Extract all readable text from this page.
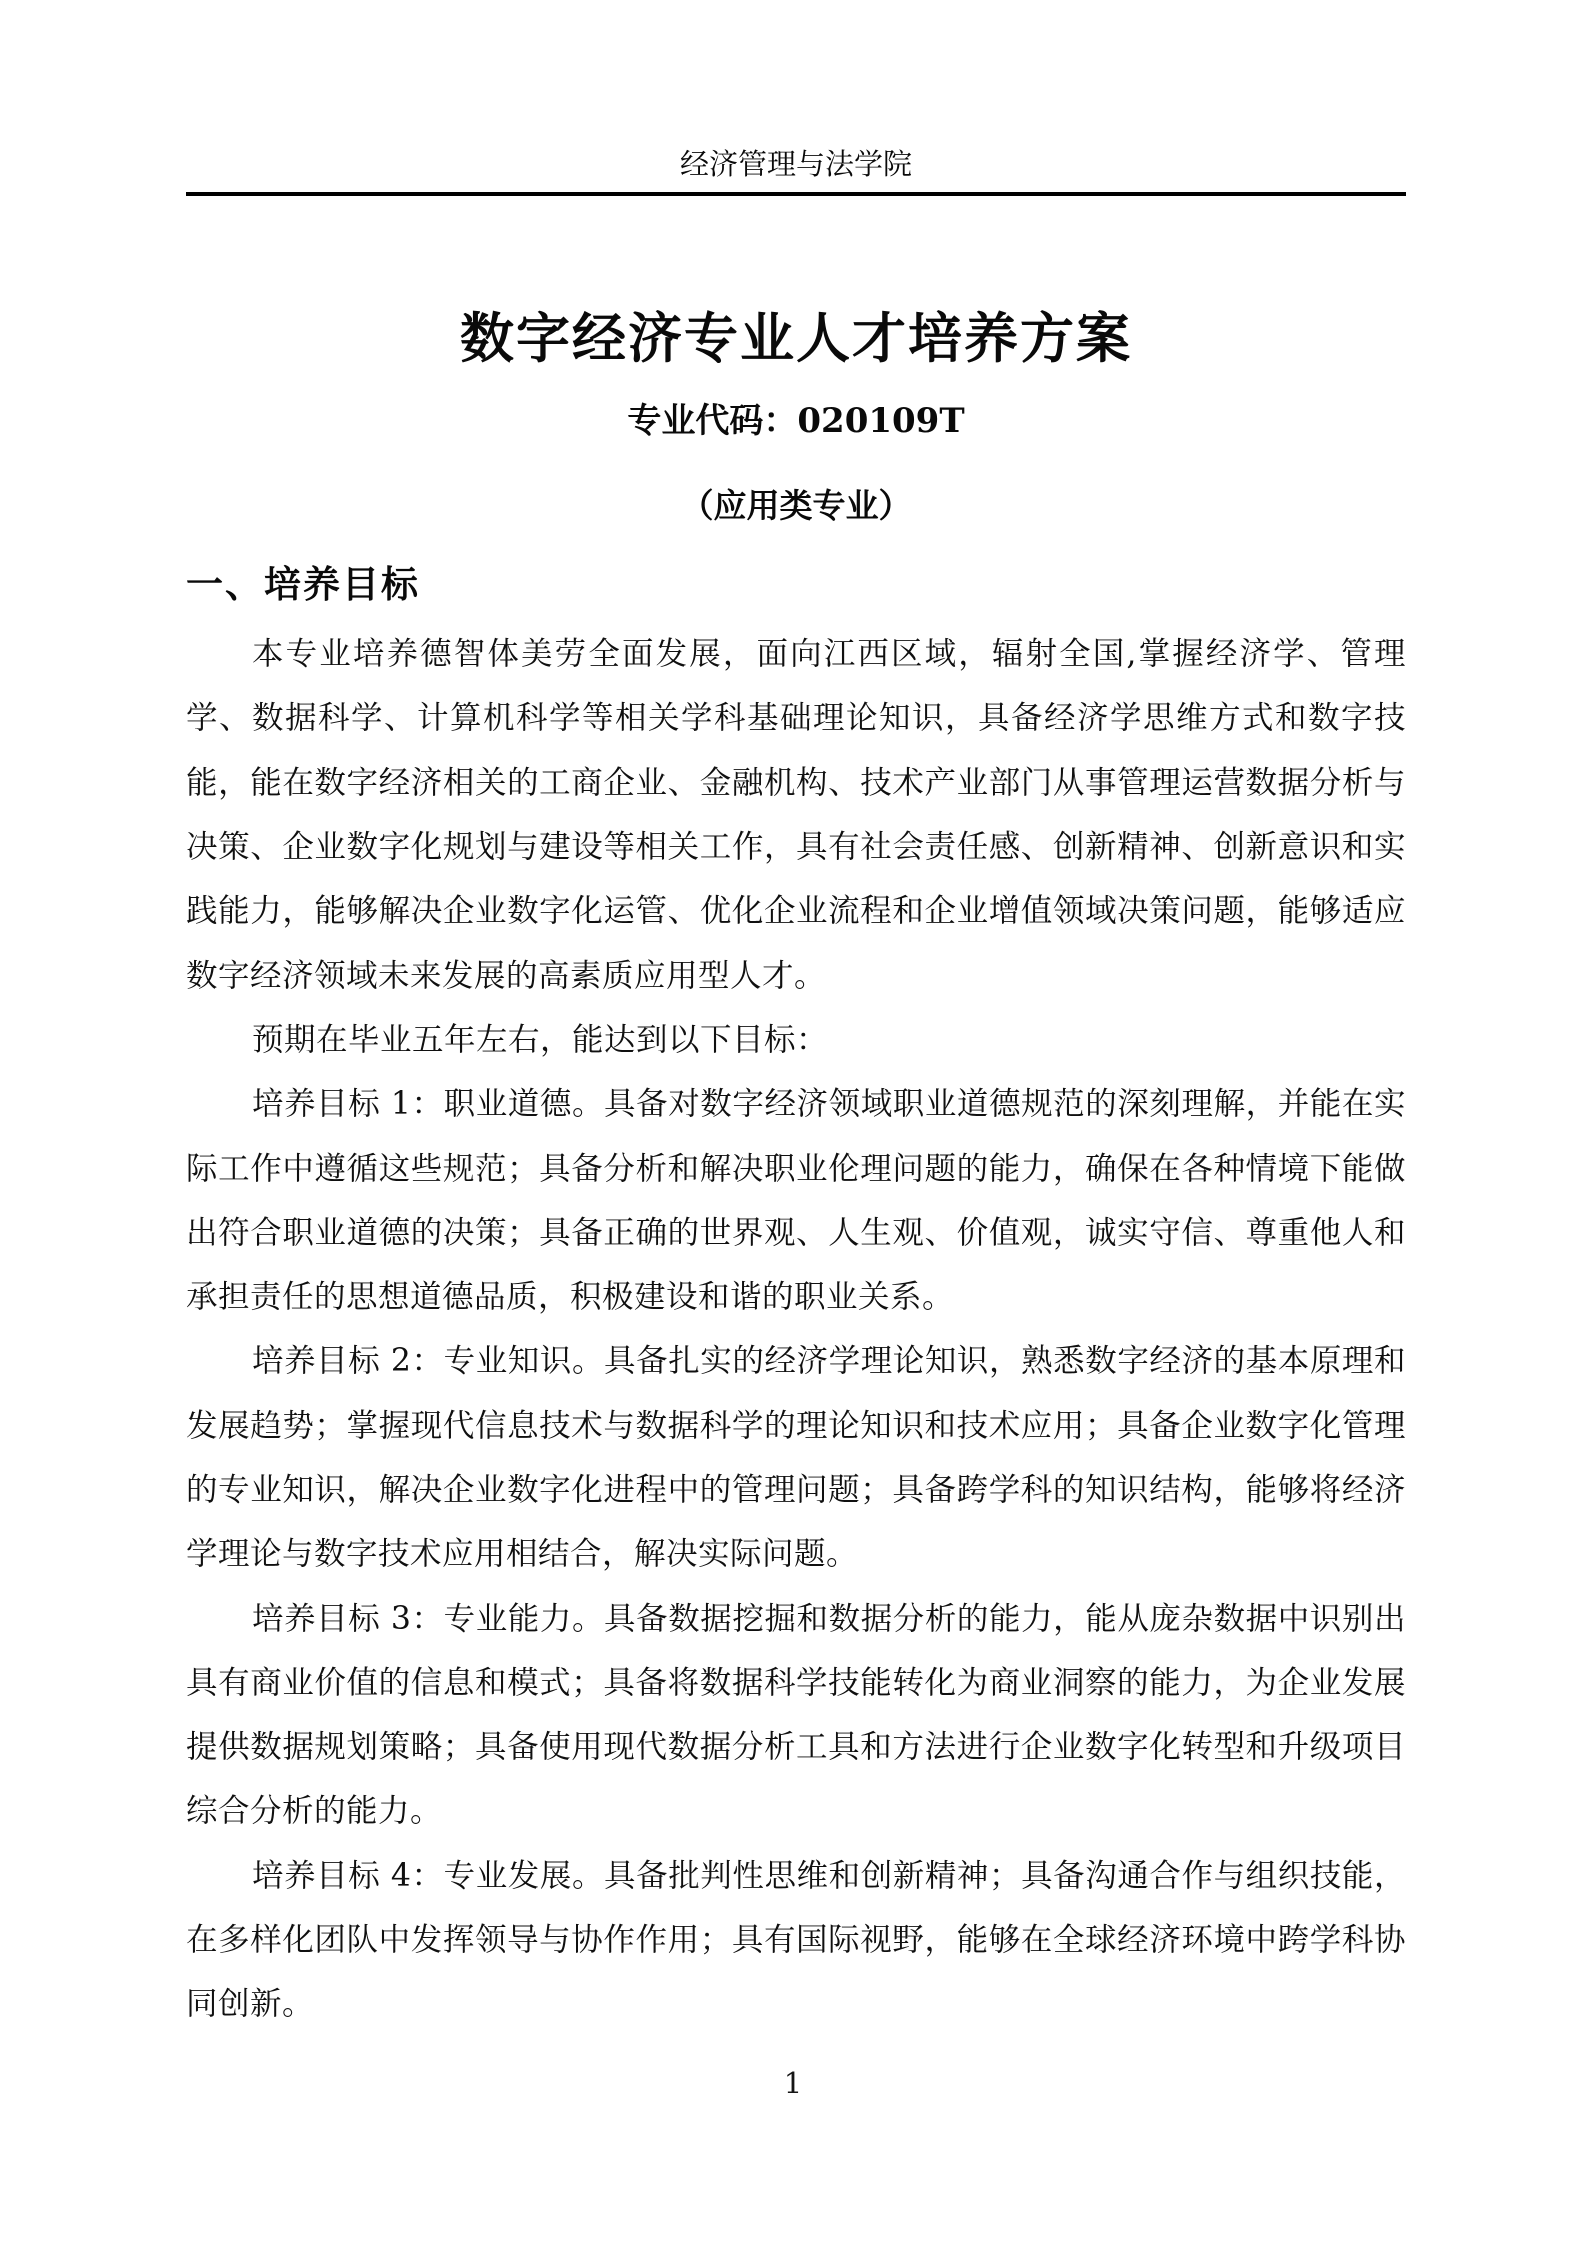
经济管理与法学院
数字经济专业人才培养方案
专业代码：020109T
（应用类专业）
一、培养目标

本专业培养德智体美劳全面发展，面向江西区域，辐射全国,掌握经济学、管理学、数据科学、计算机科学等相关学科基础理论知识，具备经济学思维方式和数字技能，能在数字经济相关的工商企业、金融机构、技术产业部门从事管理运营数据分析与决策、企业数字化规划与建设等相关工作，具有社会责任感、创新精神、创新意识和实践能力，能够解决企业数字化运管、优化企业流程和企业增值领域决策问题，能够适应数字经济领域未来发展的高素质应用型人才。

预期在毕业五年左右，能达到以下目标：

培养目标 1：职业道德。具备对数字经济领域职业道德规范的深刻理解，并能在实际工作中遵循这些规范；具备分析和解决职业伦理问题的能力，确保在各种情境下能做出符合职业道德的决策；具备正确的世界观、人生观、价值观，诚实守信、尊重他人和承担责任的思想道德品质，积极建设和谐的职业关系。

培养目标 2：专业知识。具备扎实的经济学理论知识，熟悉数字经济的基本原理和发展趋势；掌握现代信息技术与数据科学的理论知识和技术应用；具备企业数字化管理的专业知识，解决企业数字化进程中的管理问题；具备跨学科的知识结构，能够将经济学理论与数字技术应用相结合，解决实际问题。

培养目标 3：专业能力。具备数据挖掘和数据分析的能力，能从庞杂数据中识别出具有商业价值的信息和模式；具备将数据科学技能转化为商业洞察的能力，为企业发展提供数据规划策略；具备使用现代数据分析工具和方法进行企业数字化转型和升级项目综合分析的能力。

培养目标 4：专业发展。具备批判性思维和创新精神；具备沟通合作与组织技能，在多样化团队中发挥领导与协作作用；具有国际视野，能够在全球经济环境中跨学科协同创新。

1
